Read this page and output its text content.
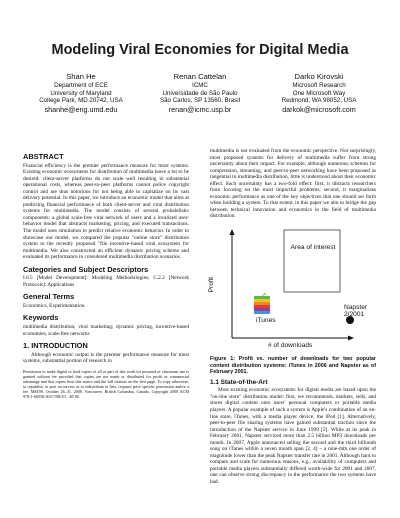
Modeling Viral Economies for Digital Media
Shan He
Department of ECE
University of Maryland
College Park, MD 20742, USA
shanhe@eng.umd.edu
Renan Cattelan
ICMC
Universidade de São Paulo
São Carlos, SP 13560, Brasil
renan@icmc.usp.br
Darko Kirovski
Microsoft Research
One Microsoft Way
Redmond, WA 98052, USA
darkok@microsoft.com
ABSTRACT

Financial efficiency is the premier performance measure for most systems. Existing economic ecosystems for distribution of multimedia leave a lot to be desired: client-server platforms do not scale well resulting in substantial operational costs, whereas peer-to-peer platforms cannot police copyright control and are thus notorious for not being able to capitalize on its vast delivery potential. In this paper, we introduce an economic model that aims at predicting financial performance of both client-server and viral distribution systems for multimedia. The model consists of several probabilistic components: a global scale-free viral network of users and a localized user-behavior model that abstracts marketing, pricing, and executed transactions. The model uses simulation to predict relative economic behavior. In order to showcase our model, we compared the popular "online store" distribution system to the recently proposed "file incentive-based viral ecosystem for multimedia. We also constructed an efficient dynamic pricing scheme and evaluated its performance in considered multimedia distribution scenarios.

Categories and Subject Descriptors

I.6.5 [Model Development]: Modeling Methodologies; C.2.2 [Network Protocols]: Applications

General Terms

Economics, Experimentation

Keywords

multimedia distribution; viral marketing; dynamic pricing, incentive-based economies, scale-free networks

1. INTRODUCTION

Although economic output is the premier performance measure for most systems, substantial portion of research in

Permission to make digital or hard copies of all or part of this work for personal or classroom use is granted without fee provided that copies are not made or distributed for profit or commercial advantage and that copies bear this notice and the full citation on the first page. To copy otherwise, to republish, to post on servers or to redistribute to lists, requires prior specific permission and/or a fee. MM'08, October 26–31, 2008, Vancouver, British Columbia, Canada. Copyright 2008 ACM 978-1-60558-303-7/08/10 ...$5.00.

multimedia is not evaluated from the economic perspective. Not surprisingly, most proposed systems for delivery of multimedia suffer from strong uncertainty about their impact. For example, although numerous schemes for compression, streaming, and peer-to-peer networking have been proposed as tangential to multimedia distribution, little is understood about their economic effect. Such uncertainty has a two-fold effect: first, it distracts researchers from focusing on the most impactful problems; second, it marginalizes economic performance as one of the key objectives that one should set forth when building a system. To that extent, in this paper we aim to bridge the gap between technical innovation and economics in the field of multimedia distribution.

Area of interest
Profit
iTunes
Napster 2/2001
# of downloads

Figure 1: Profit vs. number of downloads for two popular content distribution systems: iTunes in 2006 and Napster as of February 2001.

1.1 State-of-the-Art

Most existing economic ecosystems for digital media are based upon the "on-line store" distribution model: first, we recommends, markets, sells, and stores digital content onto users' personal computers or portable media players. A popular example of such a system is Apple's combination of an on-line store, iTunes, with a media player device, the iPod [1]. Alternatively, peer-to-peer file sharing systems have gained substantial traction since the introduction of the Napster service in June 1999 [2]. While at its peak in February 2001, Napster serviced more than 2.5 billion MP3 downloads per month. In 2007, Apple announced selling the second and the third billionth song on iTunes within a seven month span [2, 4] – a nine-mth one order of magnitude lower than the peak Napster transfer rate in 2001. Although hard to compare and scale for numerous reasons, e.g., availability of computers and portable media players substantially differed worth-wide for 2001 and 2007, one can observe strong discrepancy in the performance the two systems have had.
